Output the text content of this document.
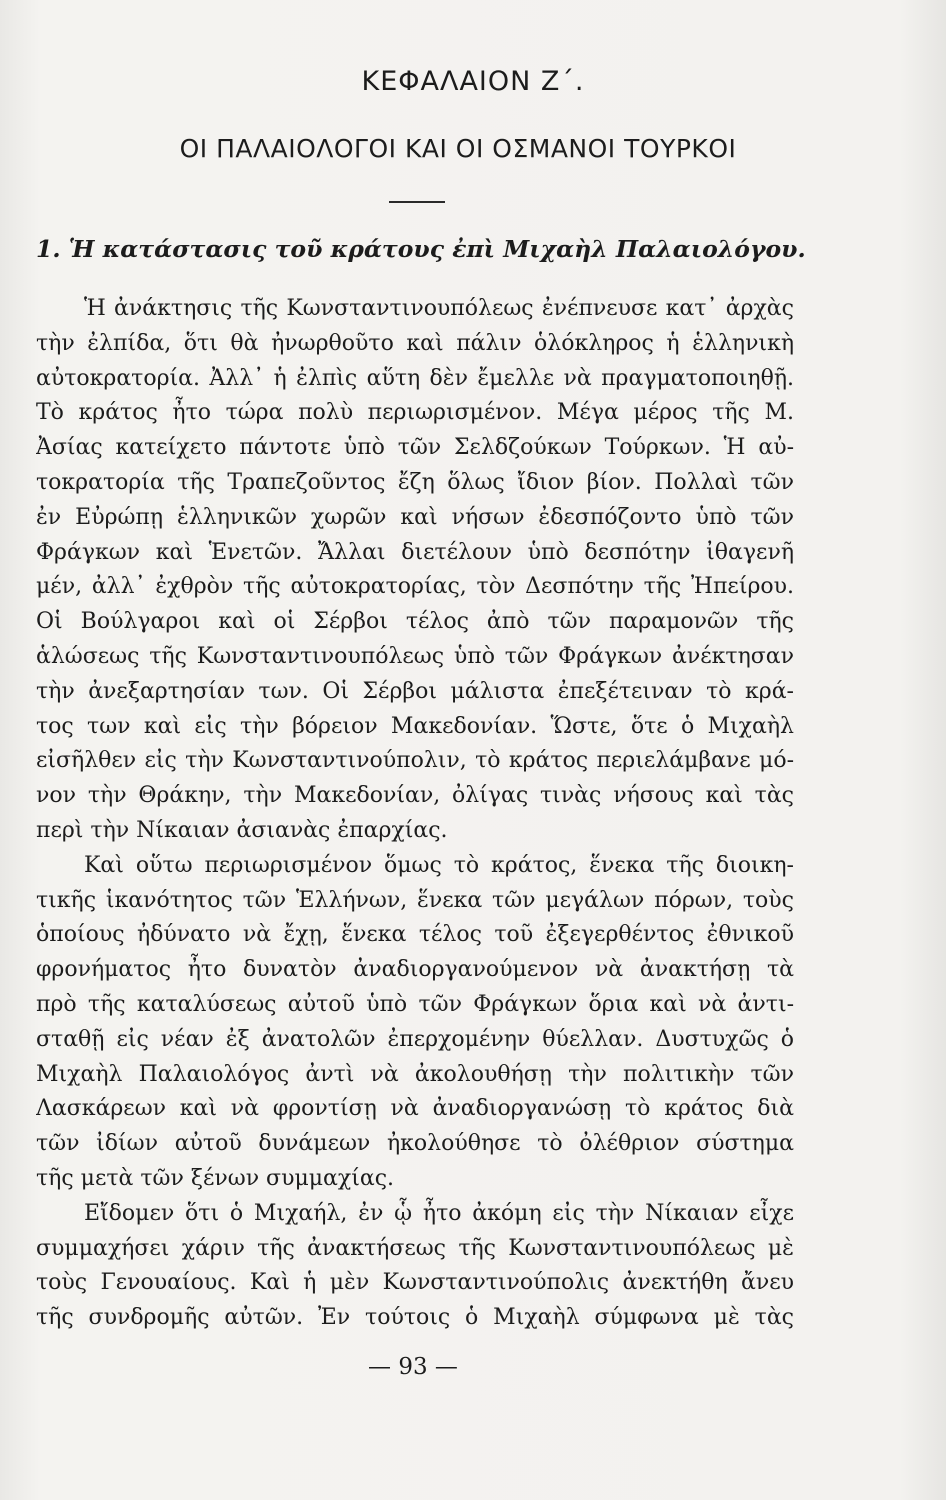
ΚΕΦΑΛΑΙΟΝ Ζ΄.
ΟΙ ΠΑΛΑΙΟΛΟΓΟΙ ΚΑΙ ΟΙ ΟΣΜΑΝΟΙ ΤΟΥΡΚΟΙ
1. Ἡ κατάστασις τοῦ κράτους ἐπὶ Μιχαὴλ Παλαιολόγου.
Ἡ ἀνάκτησις τῆς Κωνσταντινουπόλεως ἐνέπνευσε κατ᾿ ἀρχὰς
τὴν ἐλπίδα, ὅτι θὰ ἠνωρθοῦτο καὶ πάλιν ὁλόκληρος ἡ ἑλληνικὴ
αὐτοκρατορία. Ἀλλ᾿ ἡ ἐλπὶς αὕτη δὲν ἔμελλε νὰ πραγματοποιηθῇ.
Τὸ κράτος ἦτο τώρα πολὺ περιωρισμένον. Μέγα μέρος τῆς Μ.
Ἀσίας κατείχετο πάντοτε ὑπὸ τῶν Σελδζούκων Τούρκων. Ἡ αὐ-
τοκρατορία τῆς Τραπεζοῦντος ἔζη ὅλως ἴδιον βίον. Πολλαὶ τῶν
ἐν Εὐρώπῃ ἑλληνικῶν χωρῶν καὶ νήσων ἐδεσπόζοντο ὑπὸ τῶν
Φράγκων καὶ Ἑνετῶν. Ἄλλαι διετέλουν ὑπὸ δεσπότην ἰθαγενῆ
μέν, ἀλλ᾿ ἐχθρὸν τῆς αὐτοκρατορίας, τὸν Δεσπότην τῆς Ἠπείρου.
Οἱ Βούλγαροι καὶ οἱ Σέρβοι τέλος ἀπὸ τῶν παραμονῶν τῆς
ἁλώσεως τῆς Κωνσταντινουπόλεως ὑπὸ τῶν Φράγκων ἀνέκτησαν
τὴν ἀνεξαρτησίαν των. Οἱ Σέρβοι μάλιστα ἐπεξέτειναν τὸ κρά-
τος των καὶ εἰς τὴν βόρειον Μακεδονίαν. Ὥστε, ὅτε ὁ Μιχαὴλ
εἰσῆλθεν εἰς τὴν Κωνσταντινούπολιν, τὸ κράτος περιελάμβανε μό-
νον τὴν Θράκην, τὴν Μακεδονίαν, ὀλίγας τινὰς νήσους καὶ τὰς
περὶ τὴν Νίκαιαν ἀσιανὰς ἐπαρχίας.
Καὶ οὕτω περιωρισμένον ὅμως τὸ κράτος, ἕνεκα τῆς διοικη-
τικῆς ἱκανότητος τῶν Ἑλλήνων, ἕνεκα τῶν μεγάλων πόρων, τοὺς
ὁποίους ἠδύνατο νὰ ἔχῃ, ἕνεκα τέλος τοῦ ἐξεγερθέντος ἐθνικοῦ
φρονήματος ἦτο δυνατὸν ἀναδιοργανούμενον νὰ ἀνακτήσῃ τὰ
πρὸ τῆς καταλύσεως αὐτοῦ ὑπὸ τῶν Φράγκων ὅρια καὶ νὰ ἀντι-
σταθῇ εἰς νέαν ἐξ ἀνατολῶν ἐπερχομένην θύελλαν. Δυστυχῶς ὁ
Μιχαὴλ Παλαιολόγος ἀντὶ νὰ ἀκολουθήσῃ τὴν πολιτικὴν τῶν
Λασκάρεων καὶ νὰ φροντίσῃ νὰ ἀναδιοργανώσῃ τὸ κράτος διὰ
τῶν ἰδίων αὐτοῦ δυνάμεων ἠκολούθησε τὸ ὀλέθριον σύστημα
τῆς μετὰ τῶν ξένων συμμαχίας.
Εἴδομεν ὅτι ὁ Μιχαήλ, ἐν ᾧ ἦτο ἀκόμη εἰς τὴν Νίκαιαν εἶχε
συμμαχήσει χάριν τῆς ἀνακτήσεως τῆς Κωνσταντινουπόλεως μὲ
τοὺς Γενουαίους. Καὶ ἡ μὲν Κωνσταντινούπολις ἀνεκτήθη ἄνευ
τῆς συνδρομῆς αὐτῶν. Ἐν τούτοις ὁ Μιχαὴλ σύμφωνα μὲ τὰς
— 93 —
